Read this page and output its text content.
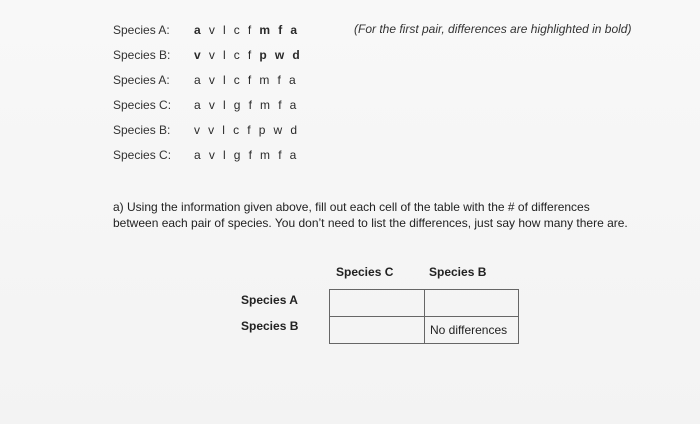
Species A: a v l c f m f a
Species B: v v l c f p w d
Species A: a v l c f m f a
Species C: a v l g f m f a
Species B: v v l c f p w d
Species C: a v l g f m f a
(For the first pair, differences are highlighted in bold)
a) Using the information given above, fill out each cell of the table with the # of differences between each pair of species. You don’t need to list the differences, just say how many there are.
Species C	Species B
Species A
Species B	No differences
